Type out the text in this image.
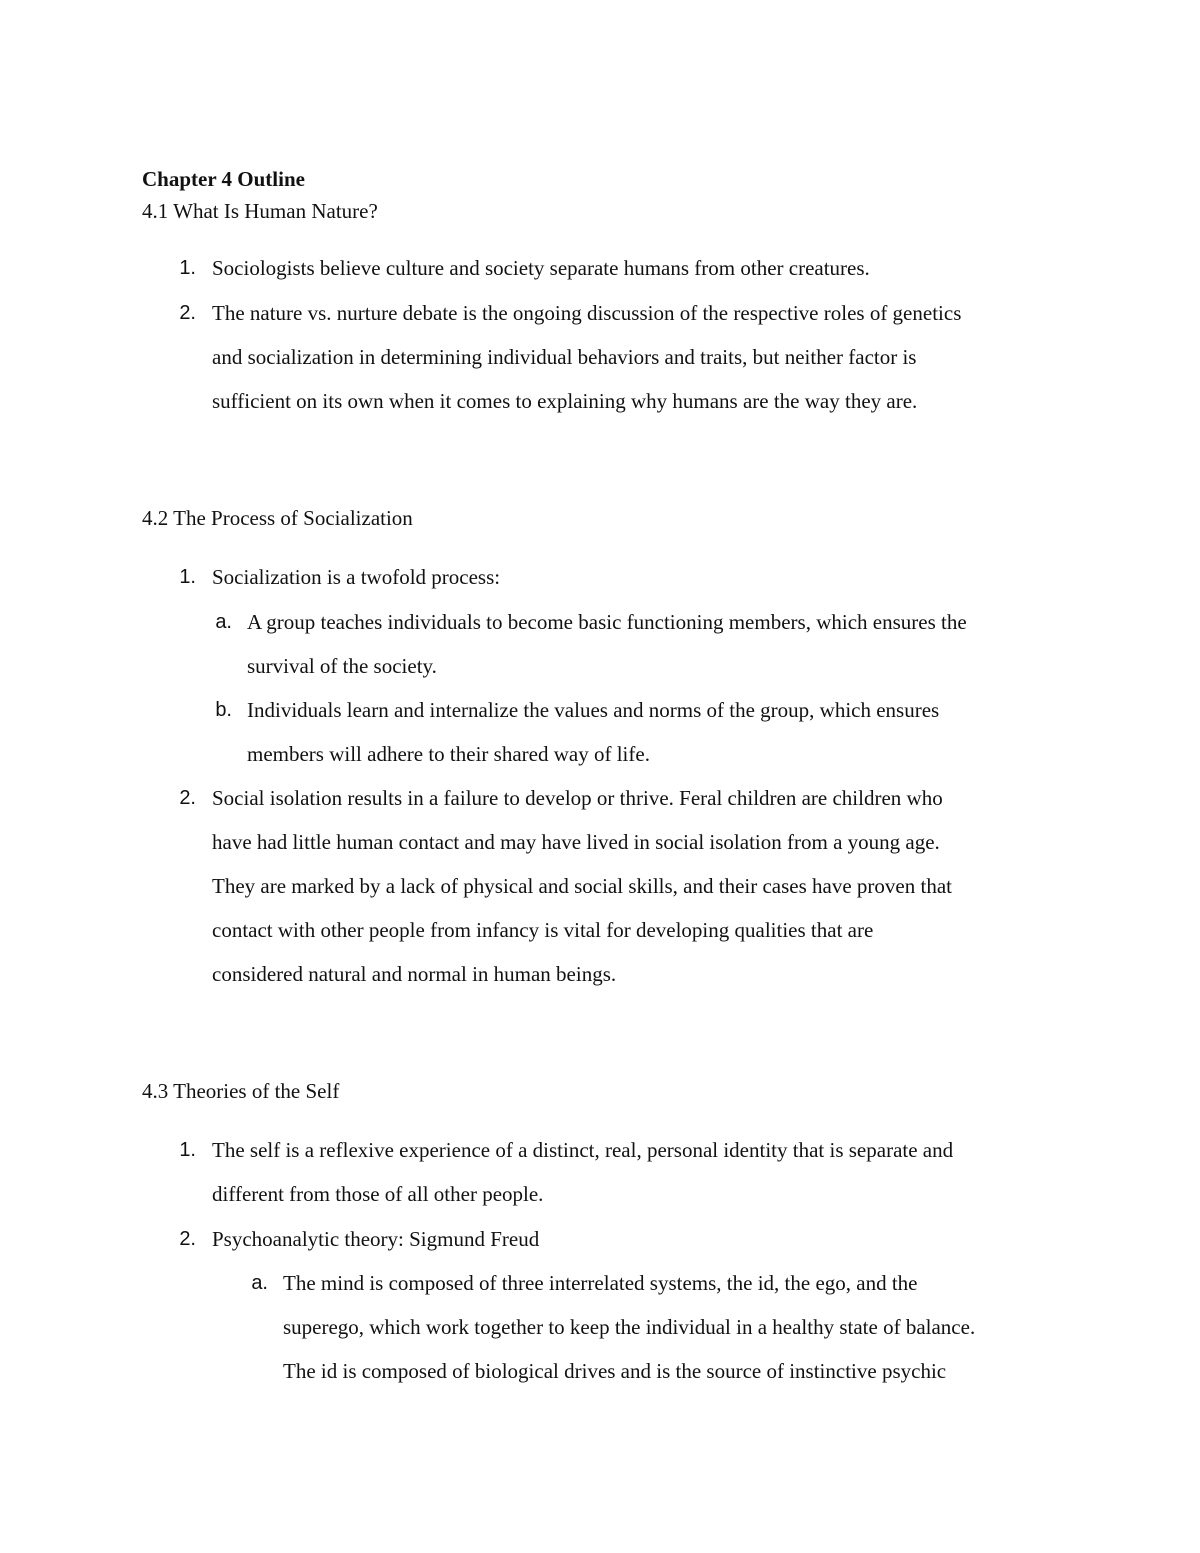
Chapter 4 Outline
4.1 What Is Human Nature?
1. Sociologists believe culture and society separate humans from other creatures.
2. The nature vs. nurture debate is the ongoing discussion of the respective roles of genetics
and socialization in determining individual behaviors and traits, but neither factor is
sufficient on its own when it comes to explaining why humans are the way they are.
4.2 The Process of Socialization
1. Socialization is a twofold process:
a. A group teaches individuals to become basic functioning members, which ensures the
survival of the society.
b. Individuals learn and internalize the values and norms of the group, which ensures
members will adhere to their shared way of life.
2. Social isolation results in a failure to develop or thrive. Feral children are children who
have had little human contact and may have lived in social isolation from a young age.
They are marked by a lack of physical and social skills, and their cases have proven that
contact with other people from infancy is vital for developing qualities that are
considered natural and normal in human beings.
4.3 Theories of the Self
1. The self is a reflexive experience of a distinct, real, personal identity that is separate and
different from those of all other people.
2. Psychoanalytic theory: Sigmund Freud
a. The mind is composed of three interrelated systems, the id, the ego, and the
superego, which work together to keep the individual in a healthy state of balance.
The id is composed of biological drives and is the source of instinctive psychic
